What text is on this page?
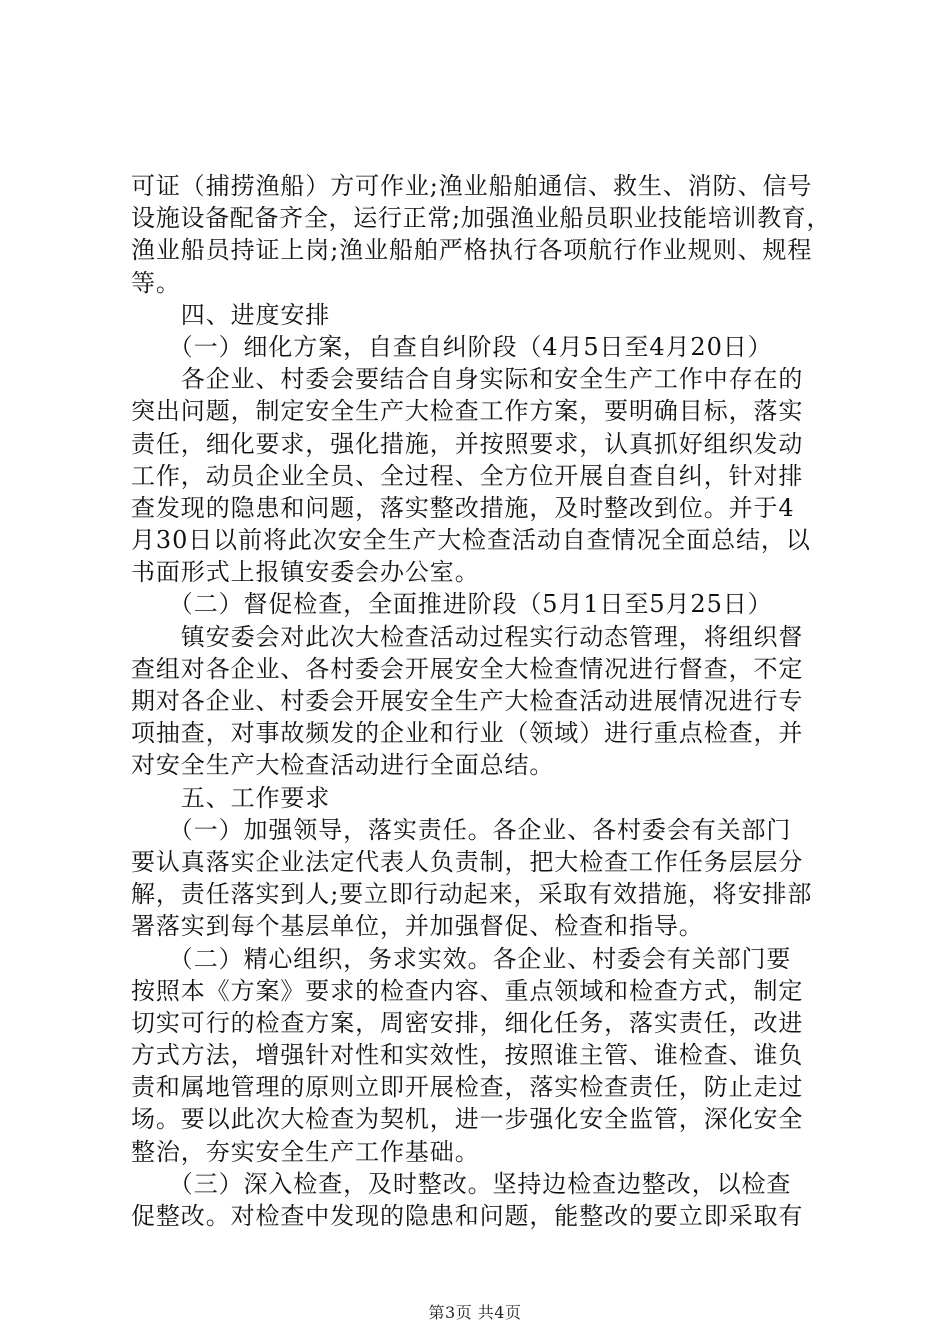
可证（捕捞渔船）方可作业;渔业船舶通信、救生、消防、信号
设施设备配备齐全，运行正常;加强渔业船员职业技能培训教育，
渔业船员持证上岗;渔业船舶严格执行各项航行作业规则、规程
等。
　　四、进度安排
　　（一）细化方案，自查自纠阶段（4月5日至4月20日）
　　各企业、村委会要结合自身实际和安全生产工作中存在的
突出问题，制定安全生产大检查工作方案，要明确目标，落实
责任，细化要求，强化措施，并按照要求，认真抓好组织发动
工作，动员企业全员、全过程、全方位开展自查自纠，针对排
查发现的隐患和问题，落实整改措施，及时整改到位。并于4
月30日以前将此次安全生产大检查活动自查情况全面总结，以
书面形式上报镇安委会办公室。
　　（二）督促检查，全面推进阶段（5月1日至5月25日）
　　镇安委会对此次大检查活动过程实行动态管理，将组织督
查组对各企业、各村委会开展安全大检查情况进行督查，不定
期对各企业、村委会开展安全生产大检查活动进展情况进行专
项抽查，对事故频发的企业和行业（领域）进行重点检查，并
对安全生产大检查活动进行全面总结。
　　五、工作要求
　　（一）加强领导，落实责任。各企业、各村委会有关部门
要认真落实企业法定代表人负责制，把大检查工作任务层层分
解，责任落实到人;要立即行动起来，采取有效措施，将安排部
署落实到每个基层单位，并加强督促、检查和指导。
　　（二）精心组织，务求实效。各企业、村委会有关部门要
按照本《方案》要求的检查内容、重点领域和检查方式，制定
切实可行的检查方案，周密安排，细化任务，落实责任，改进
方式方法，增强针对性和实效性，按照谁主管、谁检查、谁负
责和属地管理的原则立即开展检查，落实检查责任，防止走过
场。要以此次大检查为契机，进一步强化安全监管，深化安全
整治，夯实安全生产工作基础。
　　（三）深入检查，及时整改。坚持边检查边整改，以检查
促整改。对检查中发现的隐患和问题，能整改的要立即采取有
第3页 共4页
